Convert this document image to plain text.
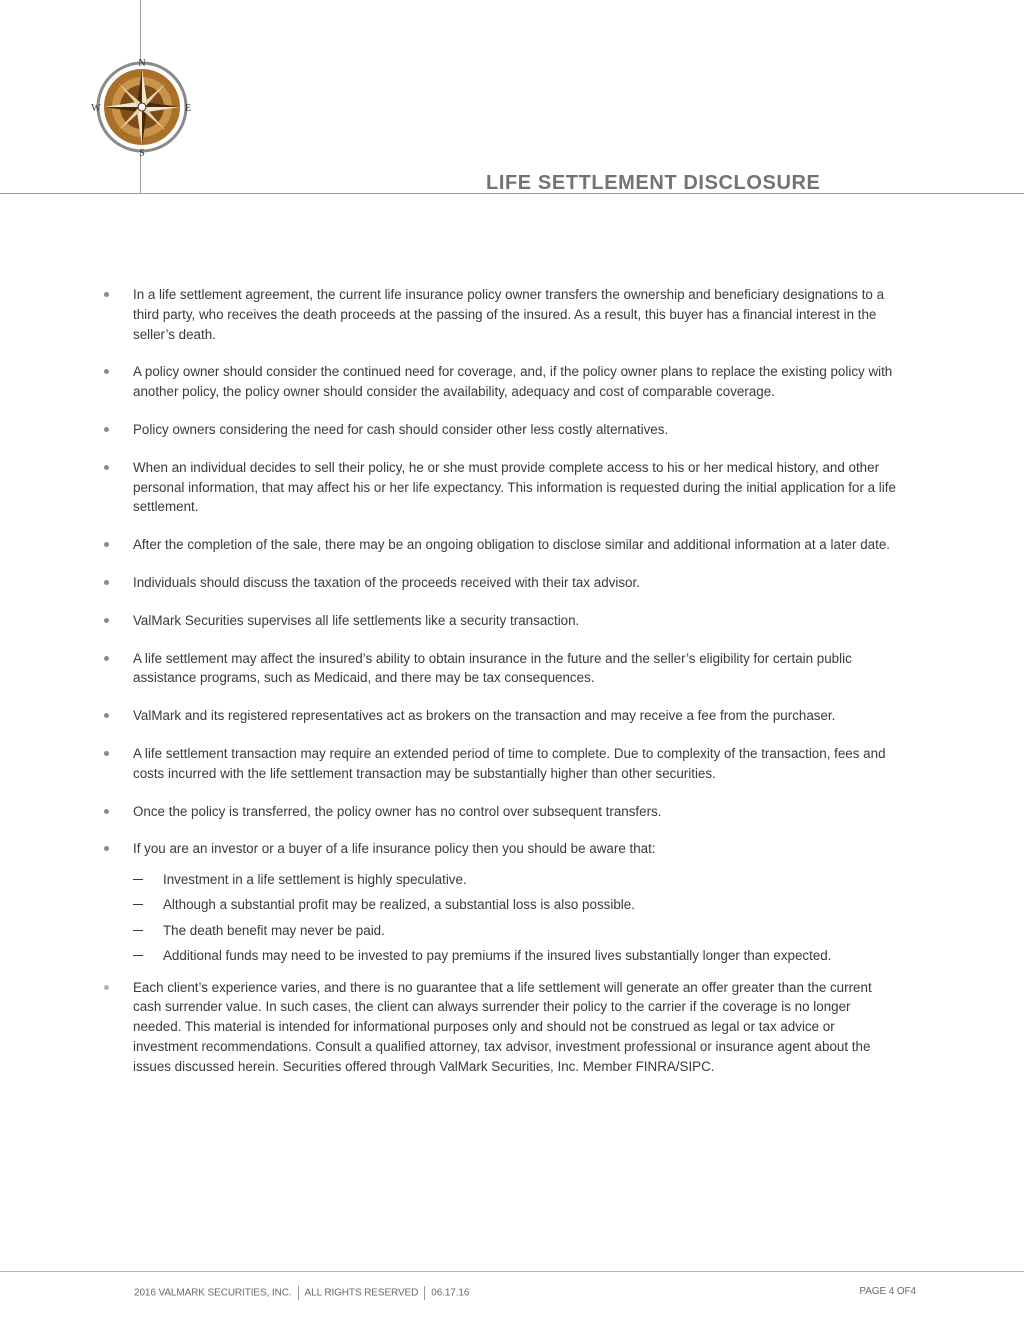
N
S
W	E
LIFE SETTLEMENT DISCLOSURE
In a life settlement agreement, the current life insurance policy owner transfers the ownership and beneficiary designations to a third party, who receives the death proceeds at the passing of the insured. As a result, this buyer has a financial interest in the seller’s death.
A policy owner should consider the continued need for coverage, and, if the policy owner plans to replace the existing policy with another policy, the policy owner should consider the availability, adequacy and cost of comparable coverage.
Policy owners considering the need for cash should consider other less costly alternatives.
When an individual decides to sell their policy, he or she must provide complete access to his or her medical history, and other personal information, that may affect his or her life expectancy. This information is requested during the initial application for a life settlement.
After the completion of the sale, there may be an ongoing obligation to disclose similar and additional information at a later date.
Individuals should discuss the taxation of the proceeds received with their tax advisor.
ValMark Securities supervises all life settlements like a security transaction.
A life settlement may affect the insured’s ability to obtain insurance in the future and the seller’s eligibility for certain public assistance programs, such as Medicaid, and there may be tax consequences.
ValMark and its registered representatives act as brokers on the transaction and may receive a fee from the purchaser.
A life settlement transaction may require an extended period of time to complete. Due to complexity of the transaction, fees and costs incurred with the life settlement transaction may be substantially higher than other securities.
Once the policy is transferred, the policy owner has no control over subsequent transfers.
If you are an investor or a buyer of a life insurance policy then you should be aware that:
Investment in a life settlement is highly speculative.
Although a substantial profit may be realized, a substantial loss is also possible.
The death benefit may never be paid.
Additional funds may need to be invested to pay premiums if the insured lives substantially longer than expected.
Each client’s experience varies, and there is no guarantee that a life settlement will generate an offer greater than the current cash surrender value. In such cases, the client can always surrender their policy to the carrier if the coverage is no longer needed. This material is intended for informational purposes only and should not be construed as legal or tax advice or investment recommendations. Consult a qualified attorney, tax advisor, investment professional or insurance agent about the issues discussed herein. Securities offered through ValMark Securities, Inc. Member FINRA/SIPC.
2016 VALMARK SECURITIES, INC. ALL RIGHTS RESERVED 06.17.16	PAGE 4 OF4
